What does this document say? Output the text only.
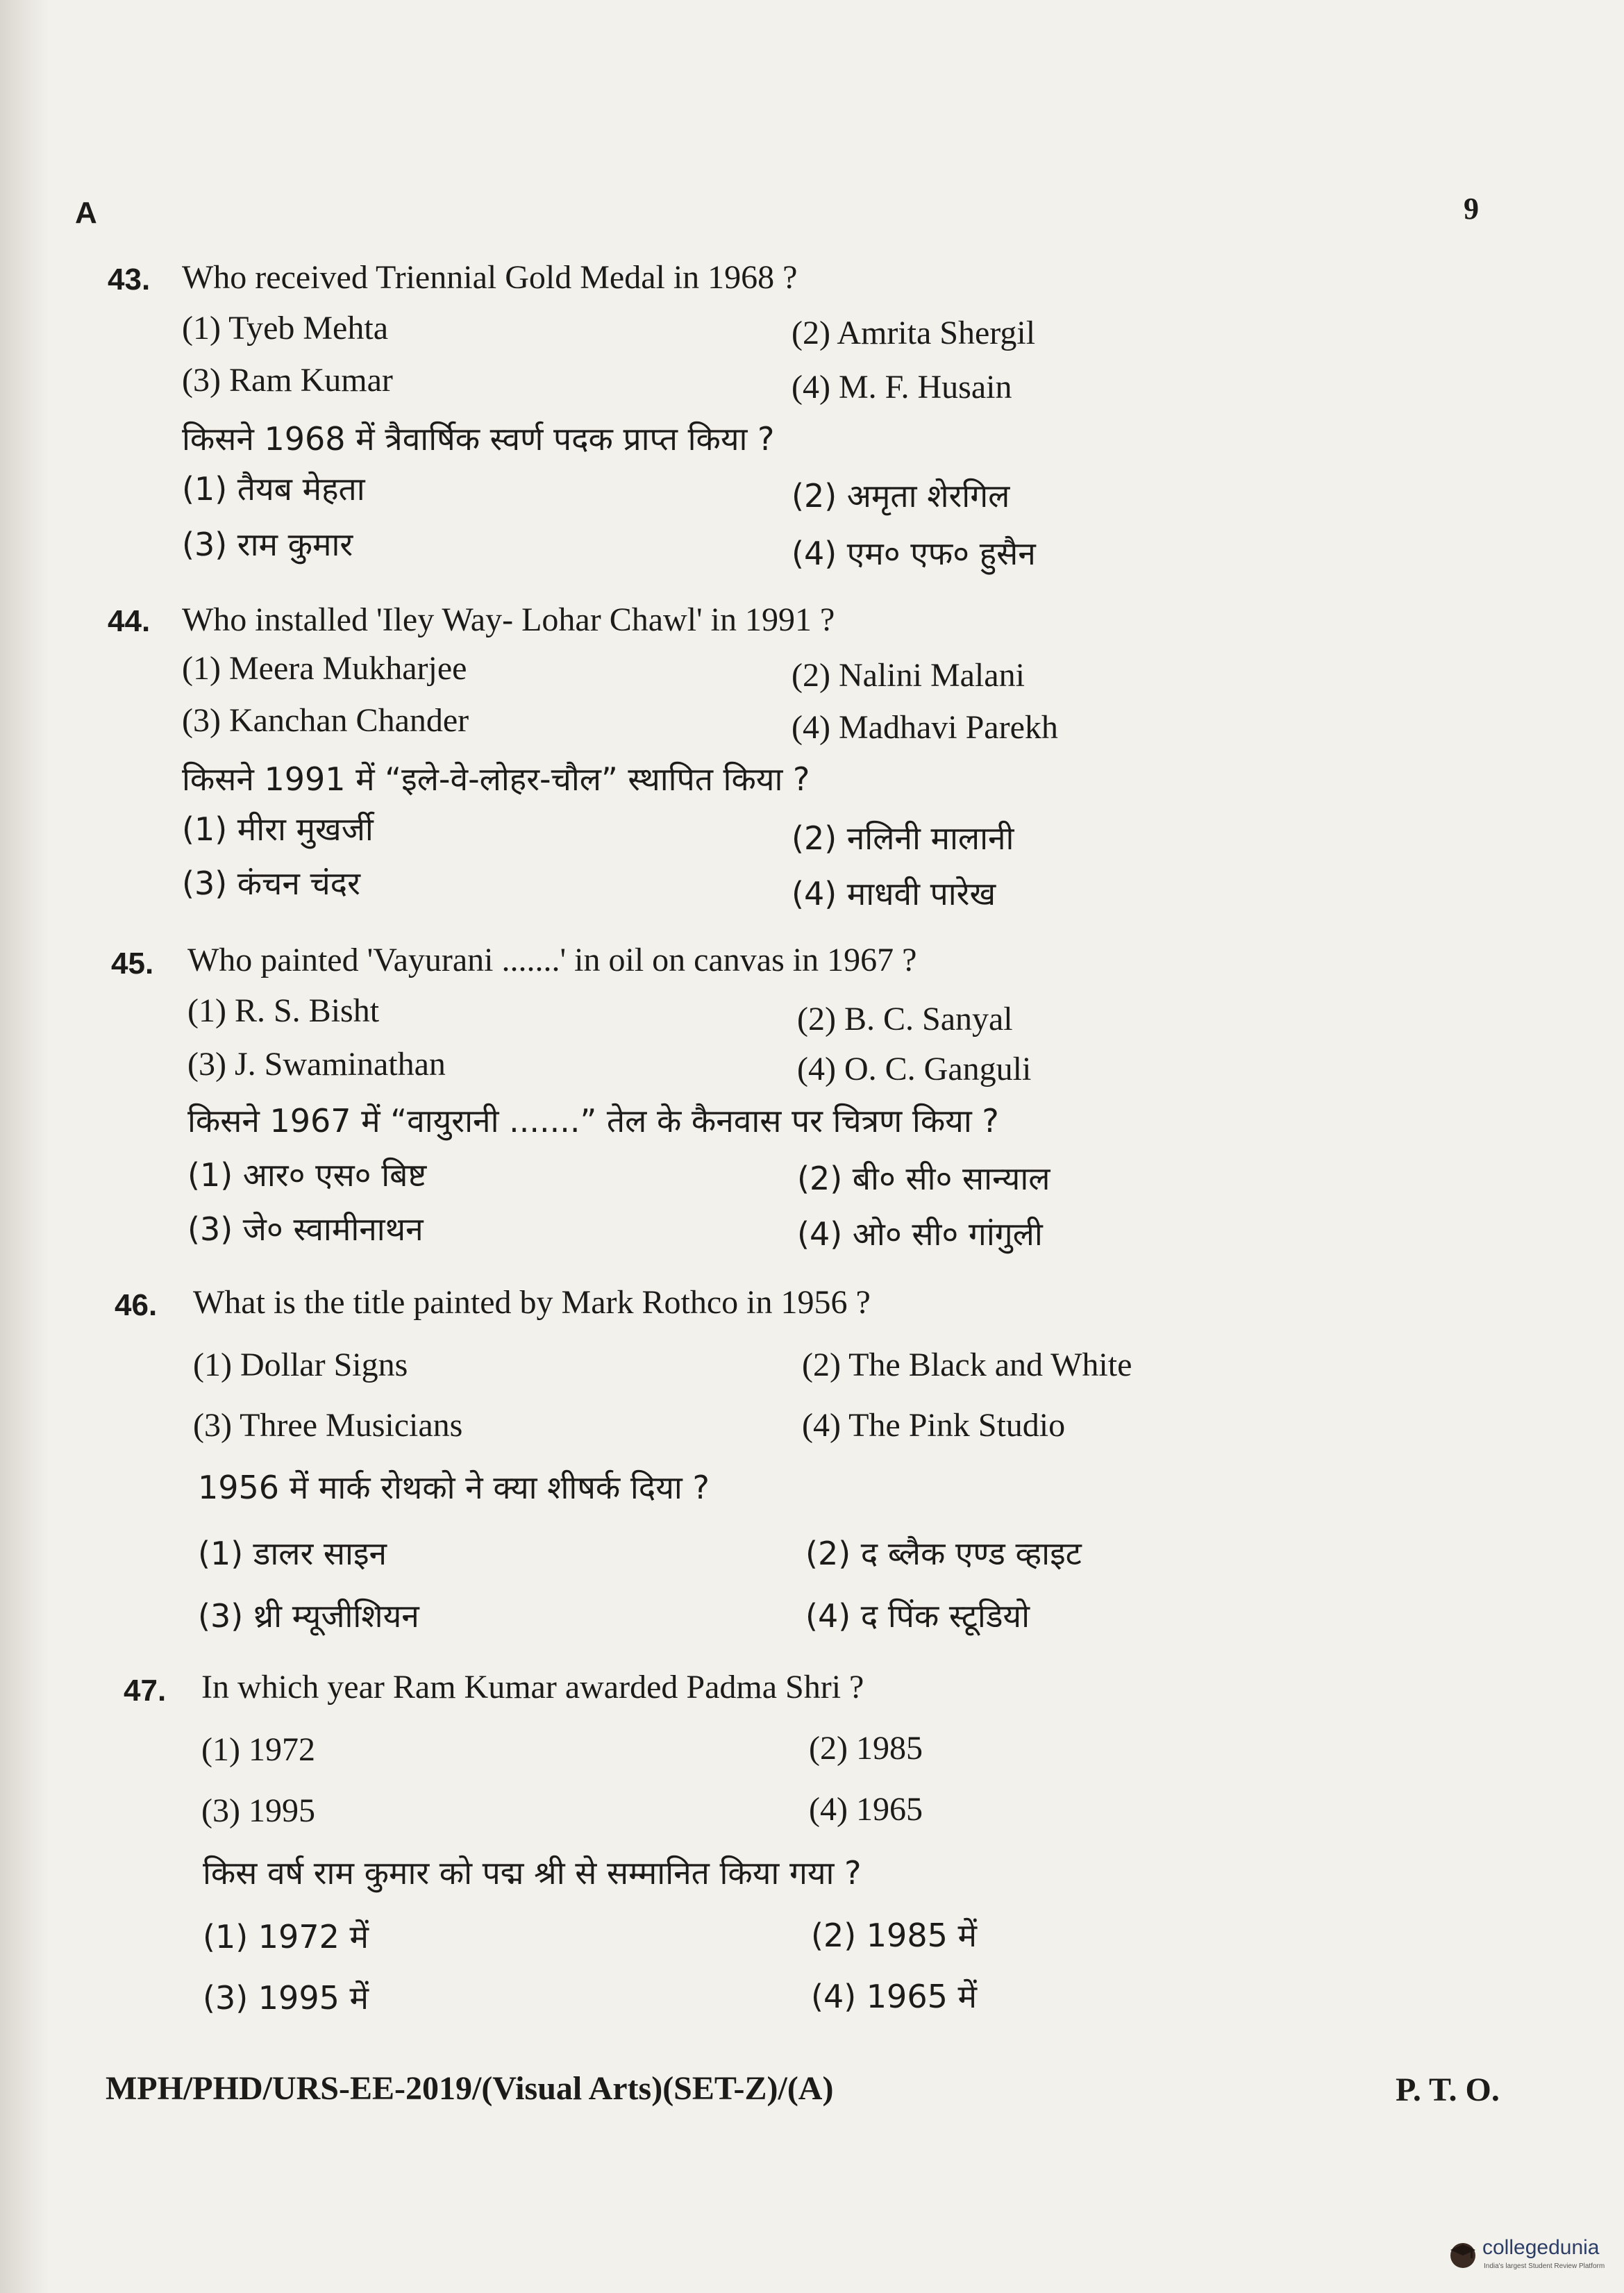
A	9
43. Who received Triennial Gold Medal in 1968 ?
(1) Tyeb Mehta	(2) Amrita Shergil
(3) Ram Kumar	(4) M. F. Husain
किसने 1968 में त्रैवार्षिक स्वर्ण पदक प्राप्त किया ?
(1) तैयब मेहता	(2) अमृता शेरगिल
(3) राम कुमार	(4) एम० एफ० हुसैन
44. Who installed 'Iley Way- Lohar Chawl' in 1991 ?
(1) Meera Mukharjee	(2) Nalini Malani
(3) Kanchan Chander	(4) Madhavi Parekh
किसने 1991 में “इले-वे-लोहर-चौल” स्थापित किया ?
(1) मीरा मुखर्जी	(2) नलिनी मालानी
(3) कंचन चंदर	(4) माधवी पारेख
45. Who painted 'Vayurani .......' in oil on canvas in 1967 ?
(1) R. S. Bisht	(2) B. C. Sanyal
(3) J. Swaminathan	(4) O. C. Ganguli
किसने 1967 में “वायुरानी .......” तेल के कैनवास पर चित्रण किया ?
(1) आर० एस० बिष्ट	(2) बी० सी० सान्याल
(3) जे० स्वामीनाथन	(4) ओ० सी० गांगुली
46. What is the title painted by Mark Rothco in 1956 ?
(1) Dollar Signs	(2) The Black and White
(3) Three Musicians	(4) The Pink Studio
1956 में मार्क रोथको ने क्या शीषर्क दिया ?
(1) डालर साइन	(2) द ब्लैक एण्ड व्हाइट
(3) थ्री म्यूजीशियन	(4) द पिंक स्टूडियो
47. In which year Ram Kumar awarded Padma Shri ?
(1) 1972	(2) 1985
(3) 1995	(4) 1965
किस वर्ष राम कुमार को पद्म श्री से सम्मानित किया गया ?
(1) 1972 में	(2) 1985 में
(3) 1995 में	(4) 1965 में
MPH/PHD/URS-EE-2019/(Visual Arts)(SET-Z)/(A)	P. T. O.
collegedunia
India's largest Student Review Platform
